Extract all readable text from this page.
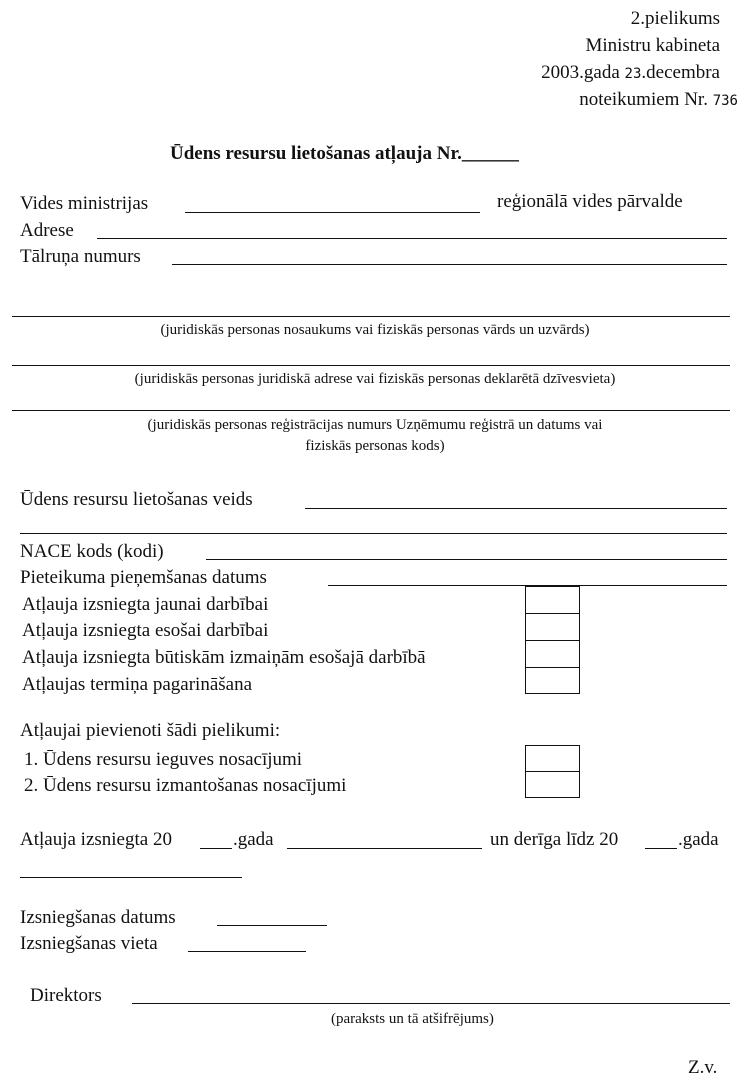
2.pielikums
Ministru kabineta
2003.gada 23.decembra
noteikumiem Nr. 736
Ūdens resursu lietošanas atļauja Nr.______
Vides ministrijas	reģionālā vides pārvalde
Adrese
Tālruņa numurs
(juridiskās personas nosaukums vai fiziskās personas vārds un uzvārds)
(juridiskās personas juridiskā adrese vai fiziskās personas deklarētā dzīvesvieta)
(juridiskās personas reģistrācijas numurs Uzņēmumu reģistrā un datums vai
fiziskās personas kods)
Ūdens resursu lietošanas veids
NACE kods (kodi)
Pieteikuma pieņemšanas datums
Atļauja izsniegta jaunai darbībai
Atļauja izsniegta esošai darbībai
Atļauja izsniegta būtiskām izmaiņām esošajā darbībā
Atļaujas termiņa pagarināšana
Atļaujai pievienoti šādi pielikumi:
1. Ūdens resursu ieguves nosacījumi
2. Ūdens resursu izmantošanas nosacījumi
Atļauja izsniegta 20	.gada	un derīga līdz 20	.gada
Izsniegšanas datums
Izsniegšanas vieta
Direktors
(paraksts un tā atšifrējums)
Z.v.
